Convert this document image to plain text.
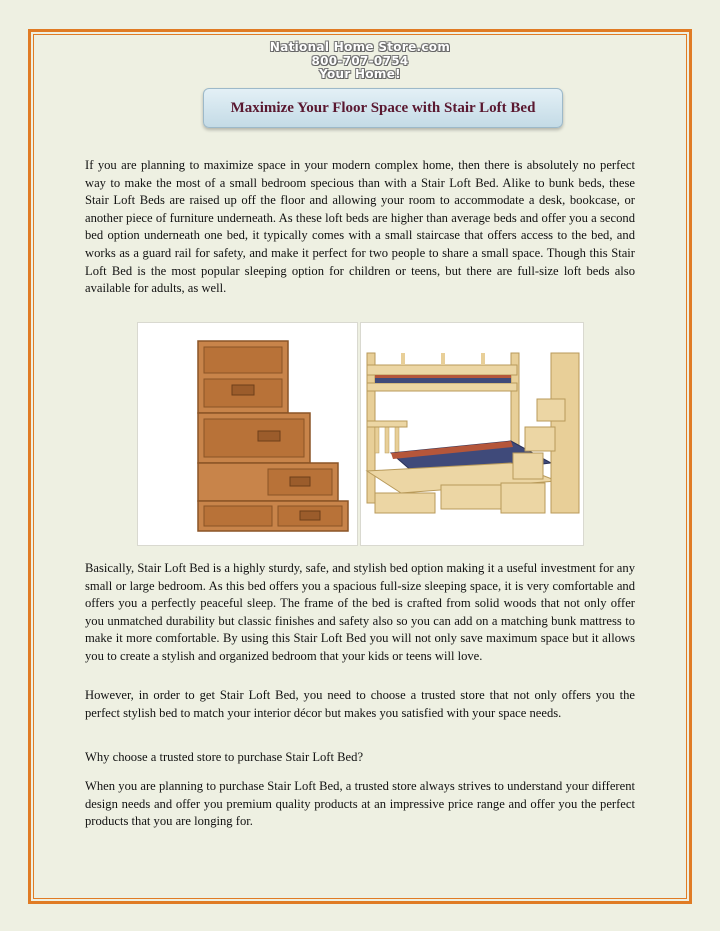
National Home Store.com
800-707-0754
Your Home!
Maximize Your Floor Space with Stair Loft Bed

If you are planning to maximize space in your modern complex home, then there is absolutely no perfect way to make the most of a small bedroom specious than with a Stair Loft Bed. Alike to bunk beds, these Stair Loft Beds are raised up off the floor and allowing your room to accommodate a desk, bookcase, or another piece of furniture underneath. As these loft beds are higher than average beds and offer you a second bed option underneath one bed, it typically comes with a small staircase that offers access to the bed, and works as a guard rail for safety, and make it perfect for two people to share a small space. Though this Stair Loft Bed is the most popular sleeping option for children or teens, but there are full-size loft beds also available for adults, as well.

Basically, Stair Loft Bed is a highly sturdy, safe, and stylish bed option making it a useful investment for any small or large bedroom. As this bed offers you a spacious full-size sleeping space, it is very comfortable and offers you a perfectly peaceful sleep. The frame of the bed is crafted from solid woods that not only offer you unmatched durability but classic finishes and safety also so you can add on a matching bunk mattress to make it more comfortable. By using this Stair Loft Bed you will not only save maximum space but it allows you to create a stylish and organized bedroom that your kids or teens will love.

However, in order to get Stair Loft Bed, you need to choose a trusted store that not only offers you the perfect stylish bed to match your interior décor but makes you satisfied with your space needs.

Why choose a trusted store to purchase Stair Loft Bed?

When you are planning to purchase Stair Loft Bed, a trusted store always strives to understand your different design needs and offer you premium quality products at an impressive price range and offer you the perfect products that you are longing for.
